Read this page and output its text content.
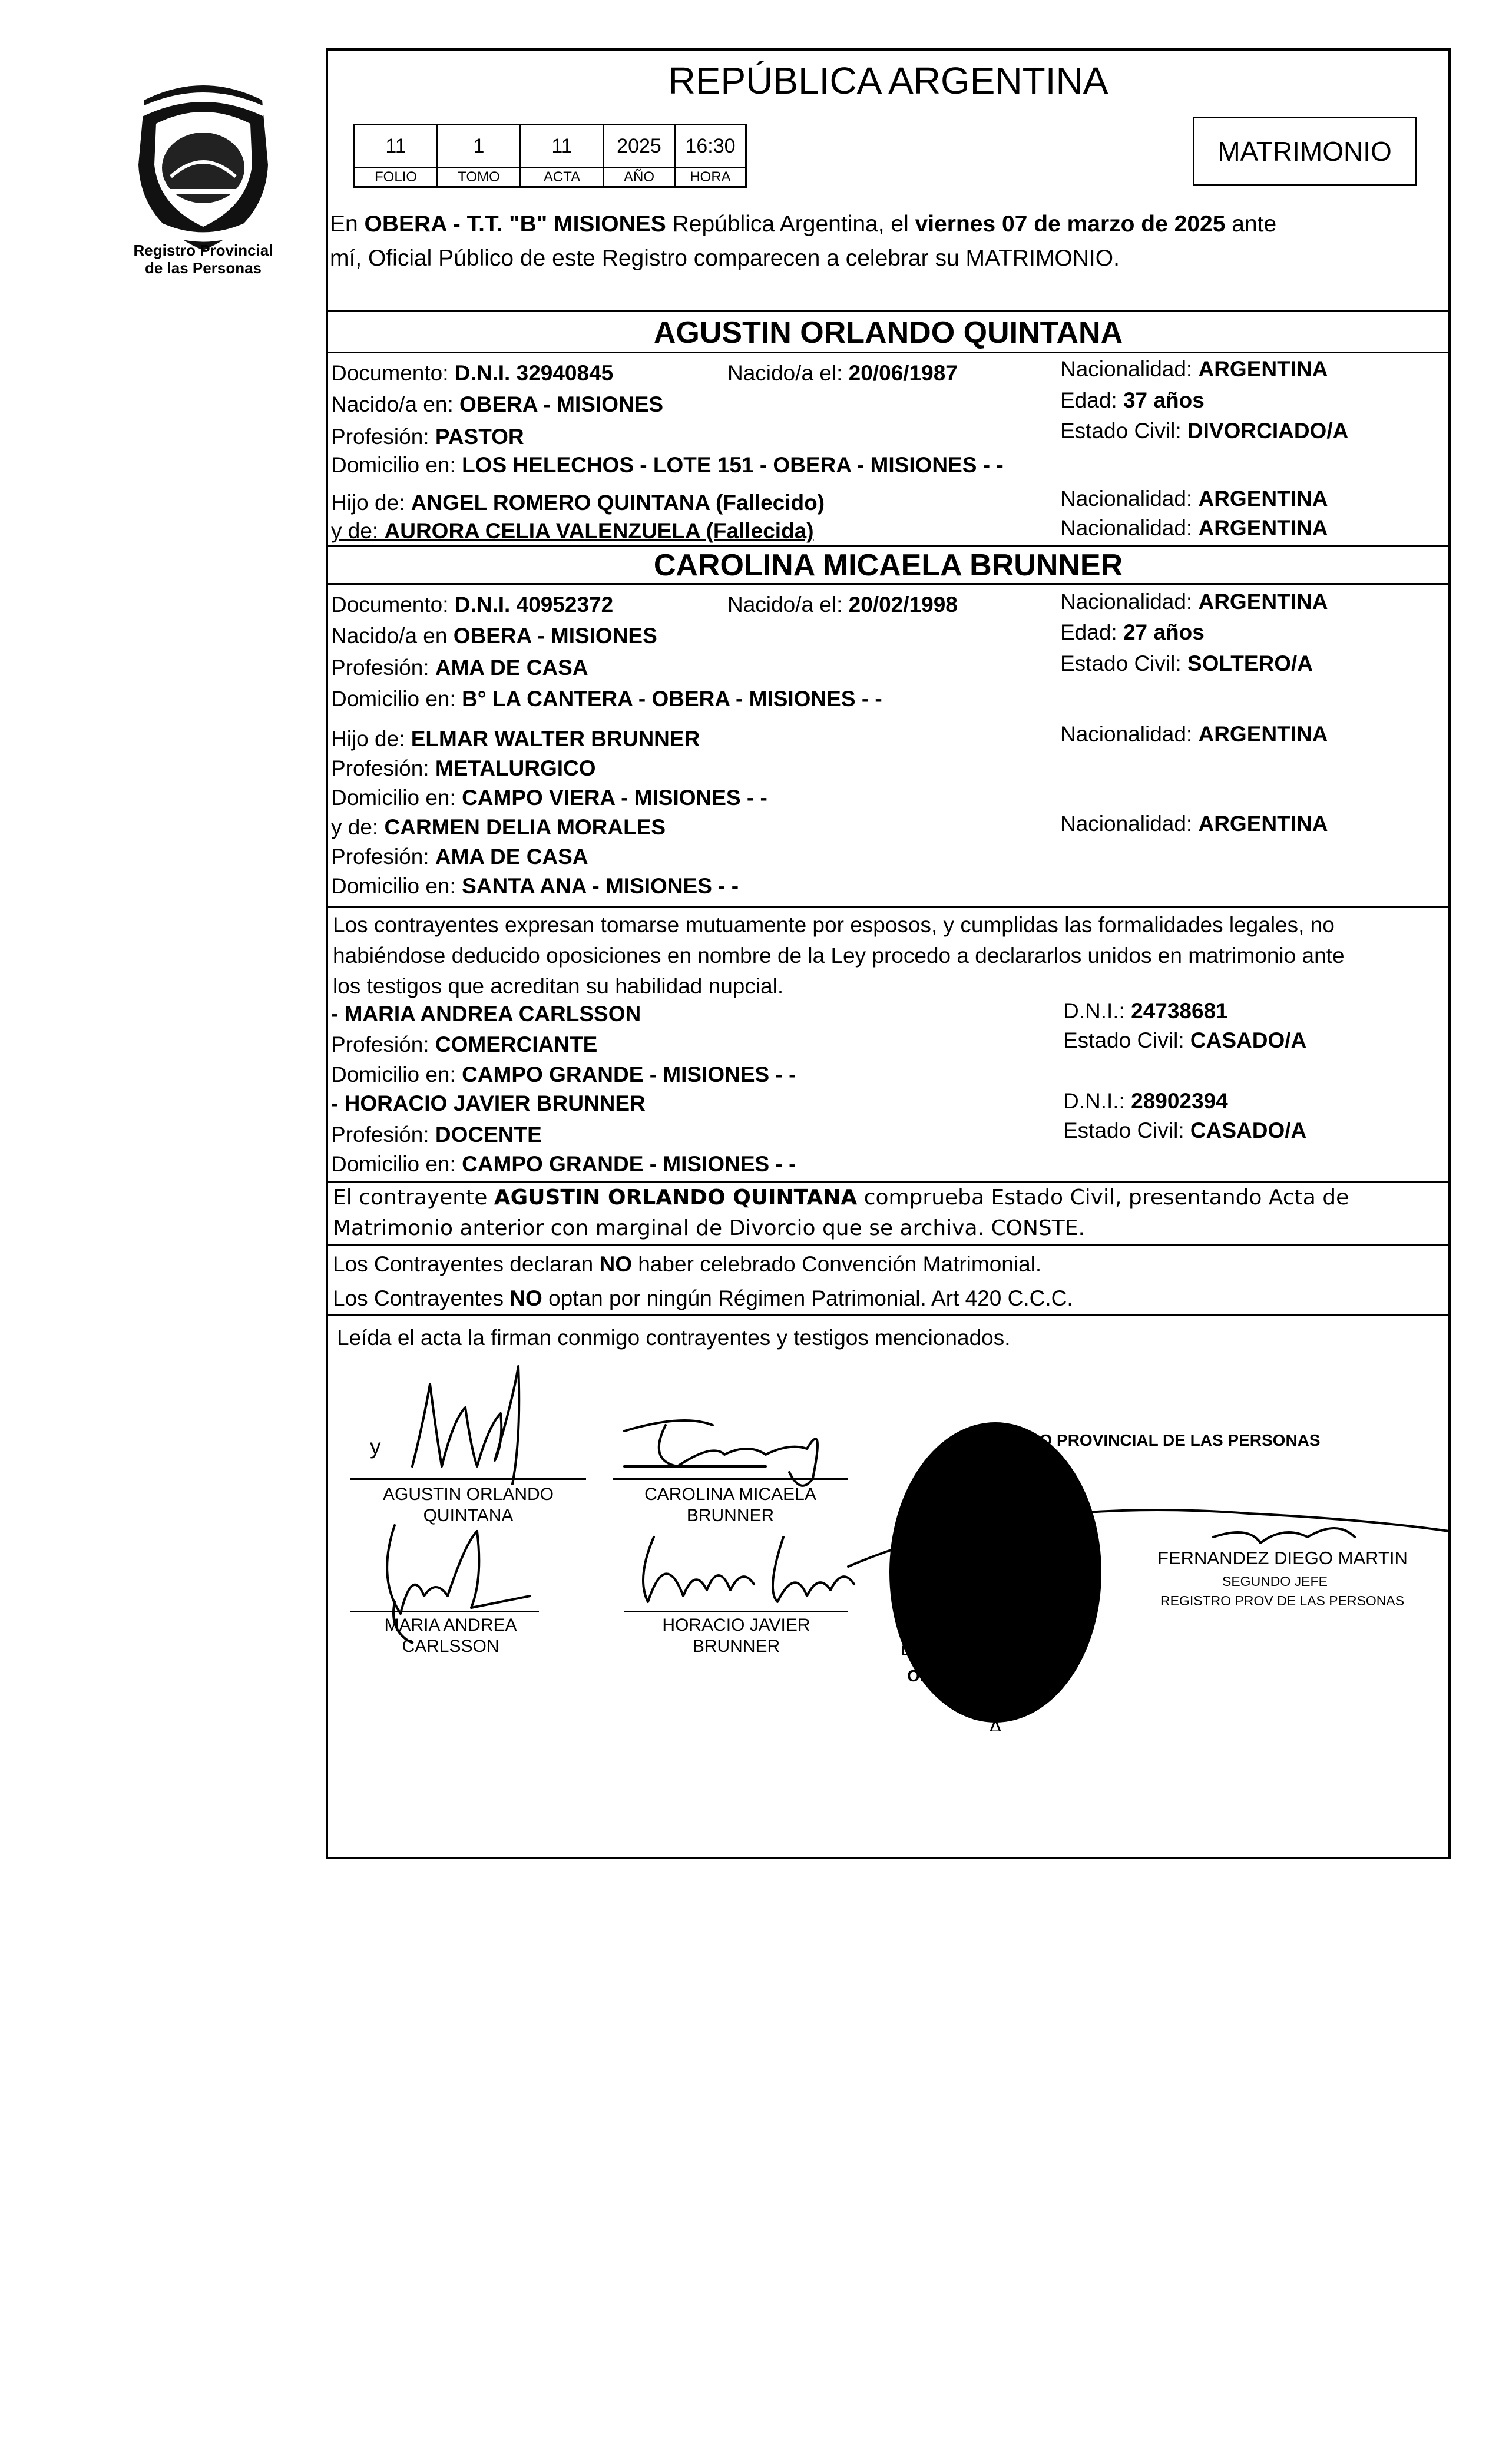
Registro Provincial
de las Personas
REPÚBLICA ARGENTINA
11	1	11	2025	16:30
FOLIO	TOMO	ACTA	AÑO	HORA
MATRIMONIO
En OBERA - T.T. "B" MISIONES República Argentina, el viernes 07 de marzo de 2025 ante
mí, Oficial Público de este Registro comparecen a celebrar su MATRIMONIO.
AGUSTIN ORLANDO QUINTANA
Documento: D.N.I. 32940845	Nacido/a el: 20/06/1987	Nacionalidad: ARGENTINA
Nacido/a en: OBERA - MISIONES	Edad: 37 años
Profesión: PASTOR	Estado Civil: DIVORCIADO/A
Domicilio en: LOS HELECHOS - LOTE 151 - OBERA - MISIONES - -
Hijo de: ANGEL ROMERO QUINTANA (Fallecido)	Nacionalidad: ARGENTINA
y de: AURORA CELIA VALENZUELA (Fallecida)	Nacionalidad: ARGENTINA
CAROLINA MICAELA BRUNNER
Documento: D.N.I. 40952372	Nacido/a el: 20/02/1998	Nacionalidad: ARGENTINA
Nacido/a en OBERA - MISIONES	Edad: 27 años
Profesión: AMA DE CASA	Estado Civil: SOLTERO/A
Domicilio en: B° LA CANTERA - OBERA - MISIONES - -
Hijo de: ELMAR WALTER BRUNNER	Nacionalidad: ARGENTINA
Profesión: METALURGICO
Domicilio en: CAMPO VIERA - MISIONES - -
y de: CARMEN DELIA MORALES	Nacionalidad: ARGENTINA
Profesión: AMA DE CASA
Domicilio en: SANTA ANA - MISIONES - -
Los contrayentes expresan tomarse mutuamente por esposos, y cumplidas las formalidades legales, no
habiéndose deducido oposiciones en nombre de la Ley procedo a declararlos unidos en matrimonio ante
los testigos que acreditan su habilidad nupcial.
- MARIA ANDREA CARLSSON	D.N.I.: 24738681
Profesión: COMERCIANTE	Estado Civil: CASADO/A
Domicilio en: CAMPO GRANDE - MISIONES - -
- HORACIO JAVIER BRUNNER	D.N.I.: 28902394
Profesión: DOCENTE	Estado Civil: CASADO/A
Domicilio en: CAMPO GRANDE - MISIONES - -
El contrayente AGUSTIN ORLANDO QUINTANA comprueba Estado Civil, presentando Acta de
Matrimonio anterior con marginal de Divorcio que se archiva. CONSTE.
Los Contrayentes declaran NO haber celebrado Convención Matrimonial.
Los Contrayentes NO optan por ningún Régimen Patrimonial. Art 420 C.C.C.
Leída el acta la firman conmigo contrayentes y testigos mencionados.
y
AGUSTIN ORLANDO
QUINTANA
CAROLINA MICAELA
BRUNNER
MARIA ANDREA
CARLSSON
HORACIO JAVIER
BRUNNER
REGISTRO PROVINCIAL DE LAS PERSONAS
OBERA SECC. 2da.
DELEGACIÓN DEL
FERNANDEZ DIEGO MARTIN
SEGUNDO JEFE
REGISTRO PROV DE LAS PERSONAS
